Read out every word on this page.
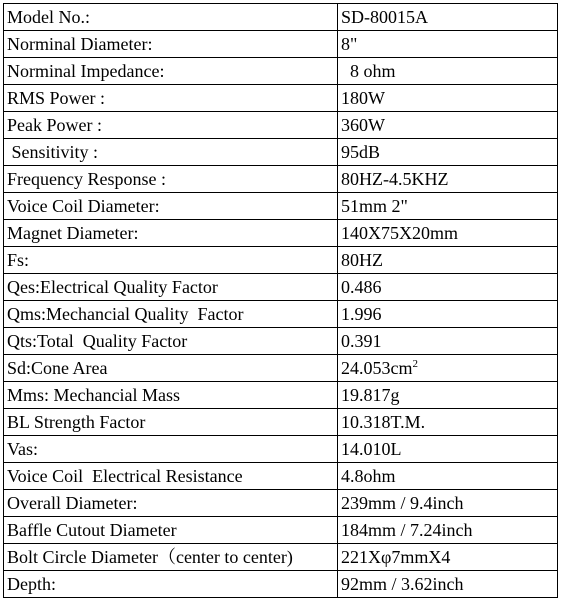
Model No.:	SD-80015A
Norminal Diameter:	8"
Norminal Impedance:	8 ohm
RMS Power :	180W
Peak Power :	360W
Sensitivity :	95dB
Frequency Response :	80HZ-4.5KHZ
Voice Coil Diameter:	51mm 2"
Magnet Diameter:	140X75X20mm
Fs:	80HZ
Qes:Electrical Quality Factor	0.486
Qms:Mechancial Quality  Factor	1.996
Qts:Total  Quality Factor	0.391
Sd:Cone Area	$24.053cm^2$
Mms: Mechancial Mass	19.817g
BL Strength Factor	10.318T.M.
Vas:	14.010L
Voice Coil  Electrical Resistance	4.8ohm
Overall Diameter:	239mm / 9.4inch
Baffle Cutout Diameter	184mm / 7.24inch
Bolt Circle Diameter（center to center)	221Xφ7mmX4
Depth:	92mm / 3.62inch
